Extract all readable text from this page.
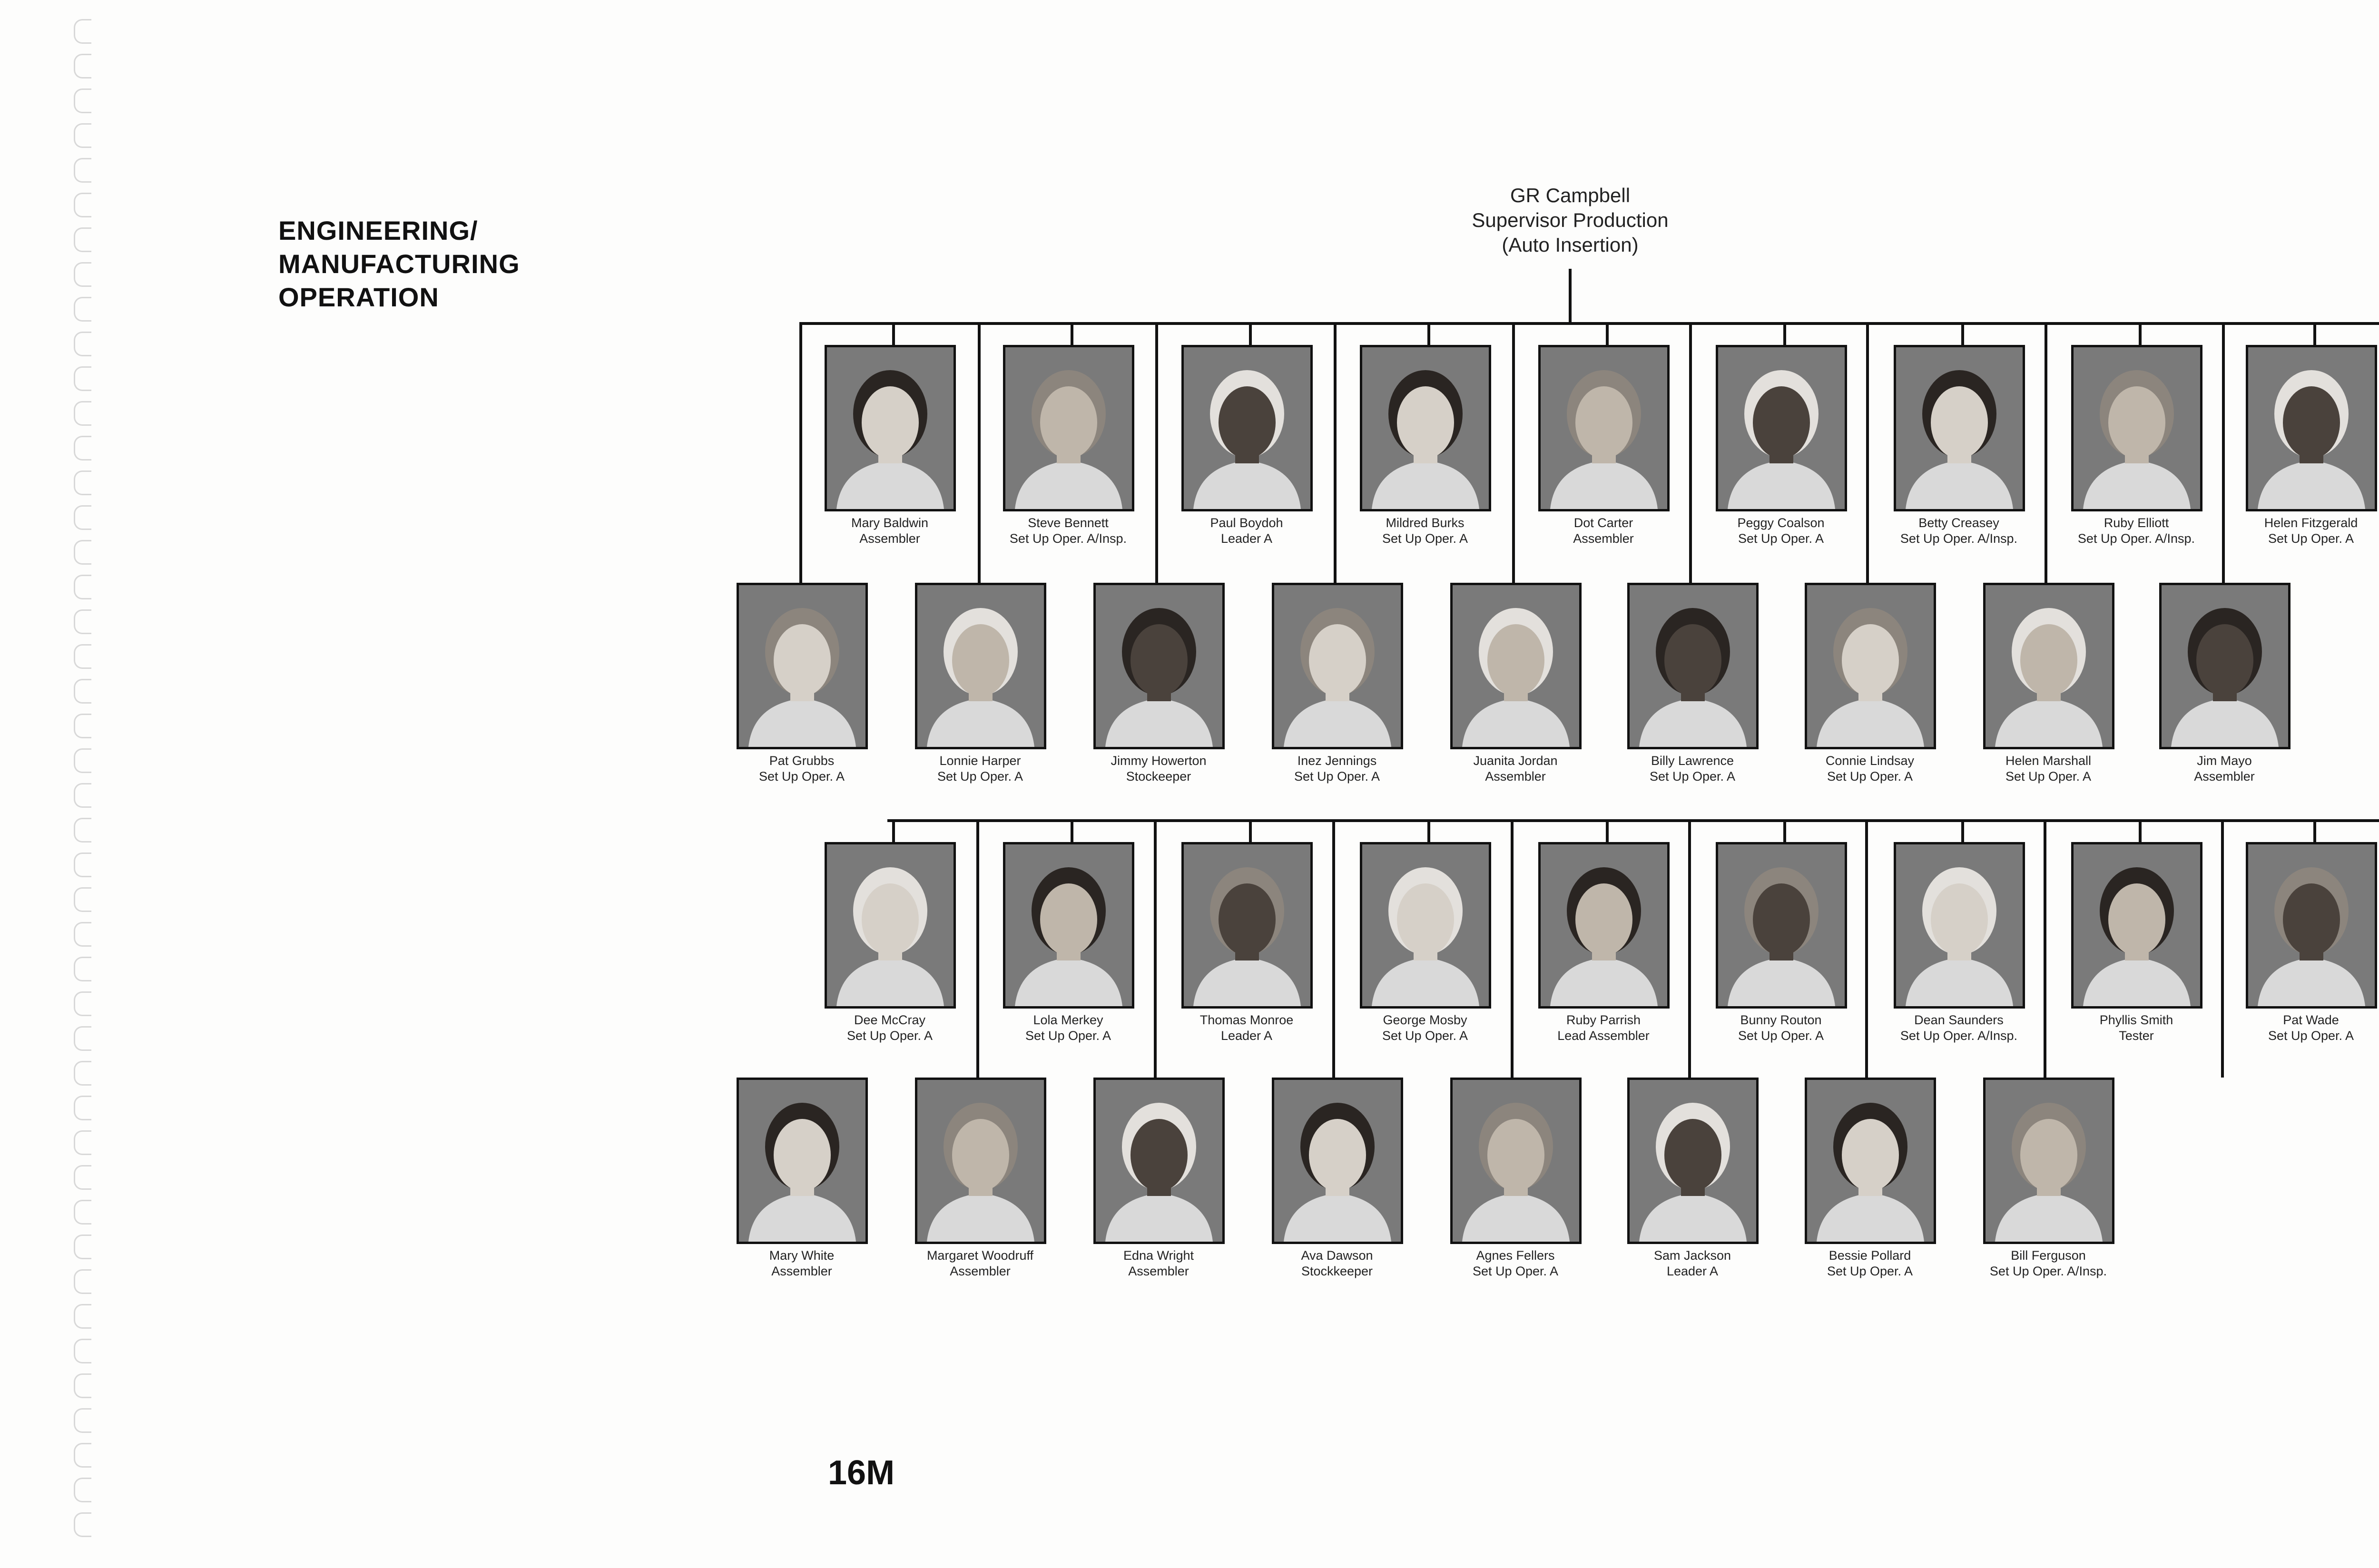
ENGINEERING/
MANUFACTURING
OPERATION
GR Campbell
Supervisor Production
(Auto Insertion)
Mary Baldwin
Assembler
Steve Bennett
Set Up Oper. A/Insp.
Paul Boydoh
Leader A
Mildred Burks
Set Up Oper. A
Dot Carter
Assembler
Peggy Coalson
Set Up Oper. A
Betty Creasey
Set Up Oper. A/Insp.
Ruby Elliott
Set Up Oper. A/Insp.
Helen Fitzgerald
Set Up Oper. A
Pat Grubbs
Set Up Oper. A
Lonnie Harper
Set Up Oper. A
Jimmy Howerton
Stockeeper
Inez Jennings
Set Up Oper. A
Juanita Jordan
Assembler
Billy Lawrence
Set Up Oper. A
Connie Lindsay
Set Up Oper. A
Helen Marshall
Set Up Oper. A
Jim Mayo
Assembler
Dee McCray
Set Up Oper. A
Lola Merkey
Set Up Oper. A
Thomas Monroe
Leader A
George Mosby
Set Up Oper. A
Ruby Parrish
Lead Assembler
Bunny Routon
Set Up Oper. A
Dean Saunders
Set Up Oper. A/Insp.
Phyllis Smith
Tester
Pat Wade
Set Up Oper. A
Mary White
Assembler
Margaret Woodruff
Assembler
Edna Wright
Assembler
Ava Dawson
Stockkeeper
Agnes Fellers
Set Up Oper. A
Sam Jackson
Leader A
Bessie Pollard
Set Up Oper. A
Bill Ferguson
Set Up Oper. A/Insp.
16M
